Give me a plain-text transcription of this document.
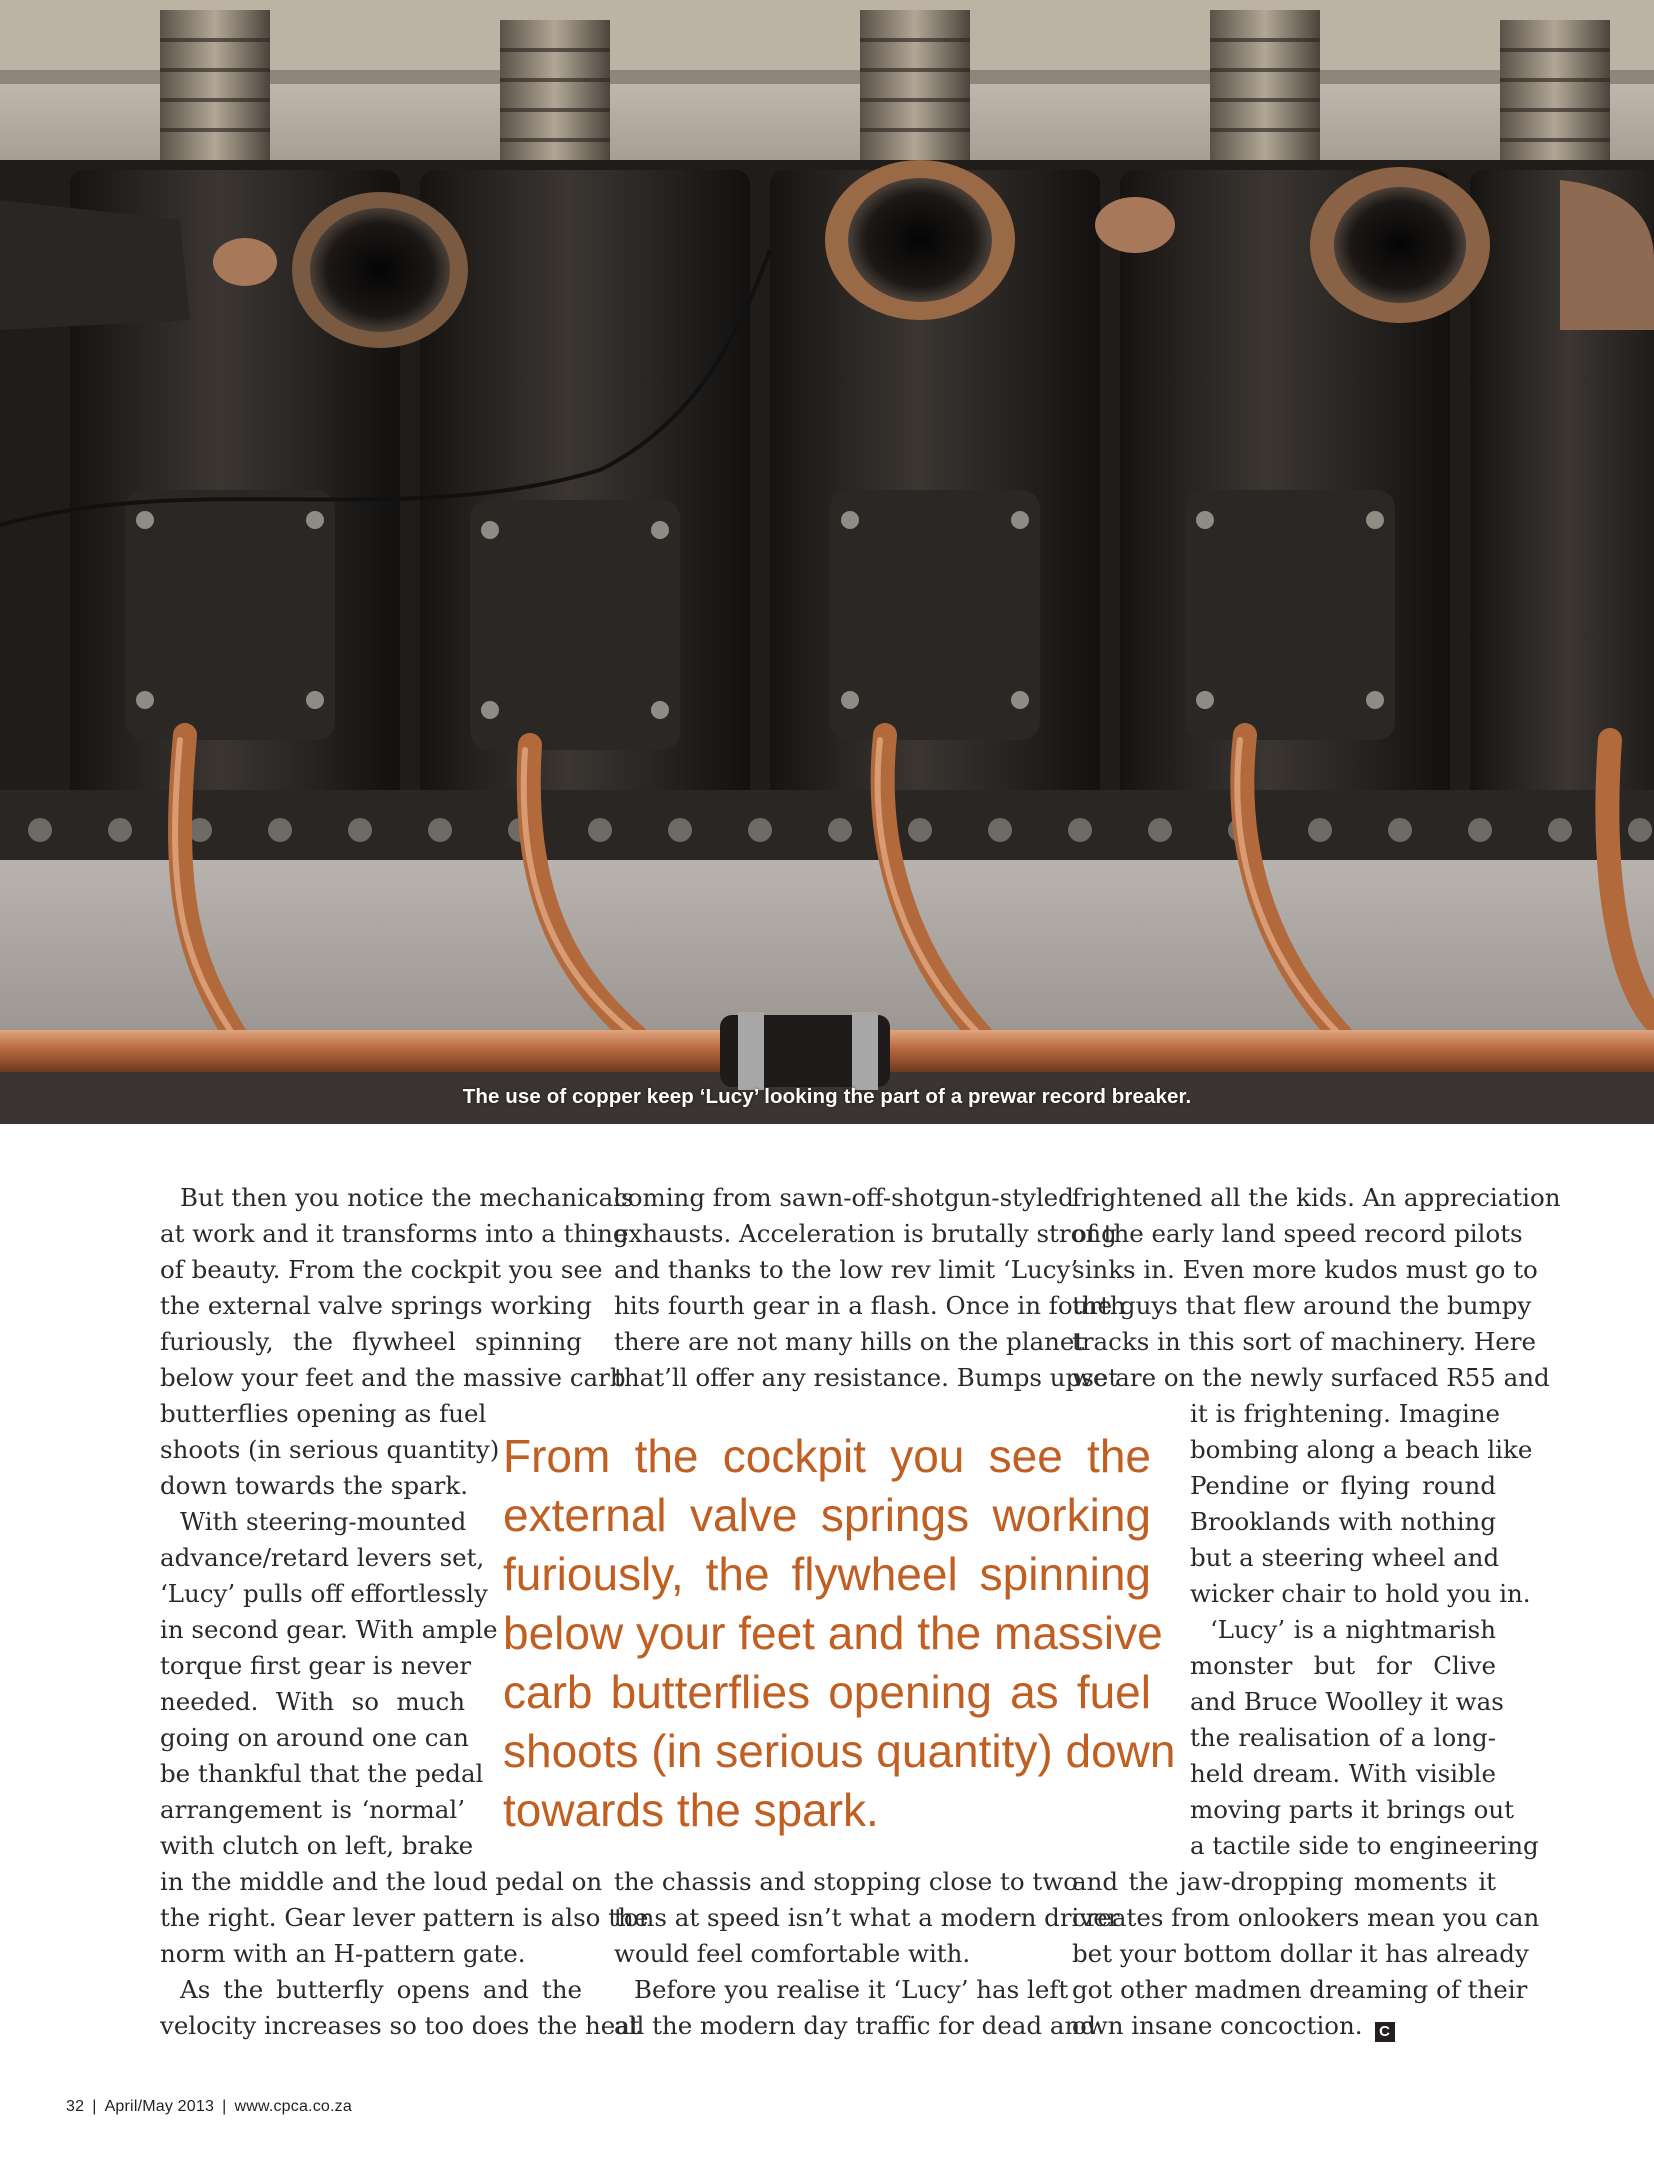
The use of copper keep ‘Lucy’ looking the part of a prewar record breaker.

But then you notice the mechanicals

at work and it transforms into a thing

of beauty. From the cockpit you see

the external valve springs working

furiously, the flywheel spinning

below your feet and the massive carb

butterflies opening as fuel

shoots (in serious quantity)

down towards the spark.

With steering-mounted

advance/retard levers set,

‘Lucy’ pulls off effortlessly

in second gear. With ample

torque first gear is never

needed. With so much

going on around one can

be thankful that the pedal

arrangement is ‘normal’

with clutch on left, brake

in the middle and the loud pedal on

the right. Gear lever pattern is also the

norm with an H-pattern gate.

As the butterfly opens and the

velocity increases so too does the heat

coming from sawn-off-shotgun-styled

exhausts. Acceleration is brutally strong

and thanks to the low rev limit ‘Lucy’

hits fourth gear in a flash. Once in fourth

there are not many hills on the planet

that’ll offer any resistance. Bumps upset

the chassis and stopping close to two

tons at speed isn’t what a modern driver

would feel comfortable with.

Before you realise it ‘Lucy’ has left

all the modern day traffic for dead and

frightened all the kids. An appreciation

of the early land speed record pilots

sinks in. Even more kudos must go to

the guys that flew around the bumpy

tracks in this sort of machinery. Here

we are on the newly surfaced R55 and

it is frightening. Imagine

bombing along a beach like

Pendine or flying round

Brooklands with nothing

but a steering wheel and

wicker chair to hold you in.

‘Lucy’ is a nightmarish

monster but for Clive

and Bruce Woolley it was

the realisation of a long-

held dream. With visible

moving parts it brings out

a tactile side to engineering

and the jaw-dropping moments it

creates from onlookers mean you can

bet your bottom dollar it has already

got other madmen dreaming of their

own insane concoction. C

From the cockpit you see the

external valve springs working

furiously, the flywheel spinning

below your feet and the massive

carb butterflies opening as fuel

shoots (in serious quantity) down

towards the spark.

32 | April/May 2013 | www.cpca.co.za
